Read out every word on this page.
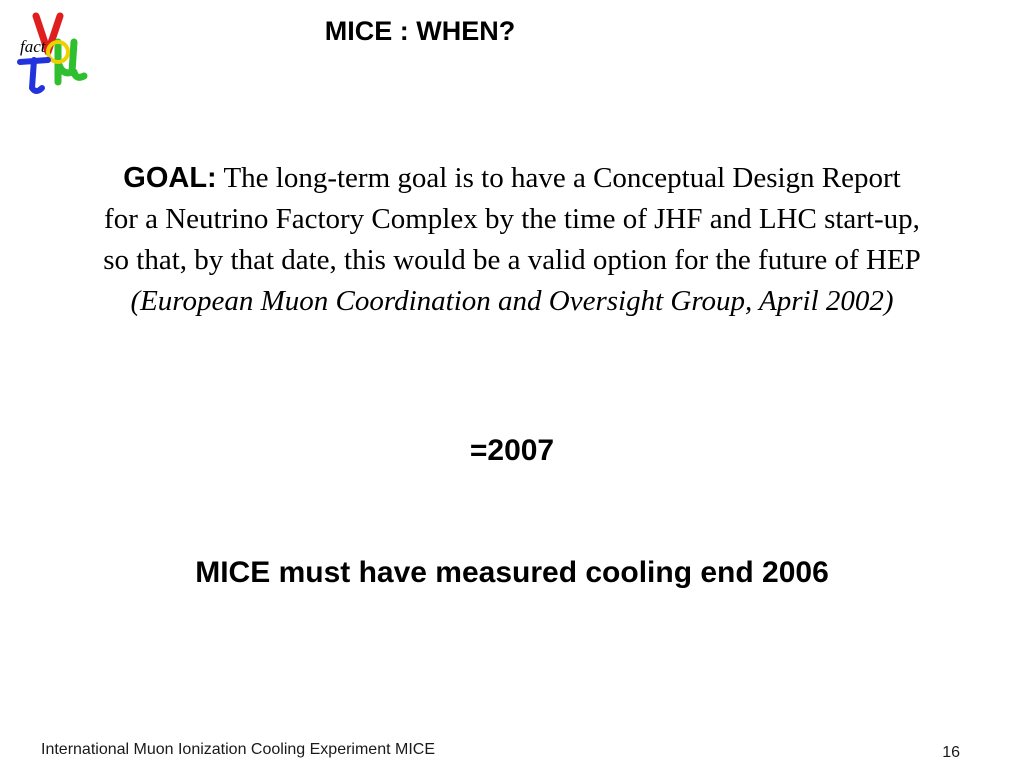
fact
MICE : WHEN?
GOAL: The long-term goal is to have a Conceptual Design Report
for a Neutrino Factory Complex by the time of JHF and LHC start-up,
so that, by that date, this would be a valid option for the future of HEP
(European Muon Coordination and Oversight Group, April 2002)
=2007
MICE must have measured cooling end 2006
International Muon Ionization Cooling Experiment MICE	16
